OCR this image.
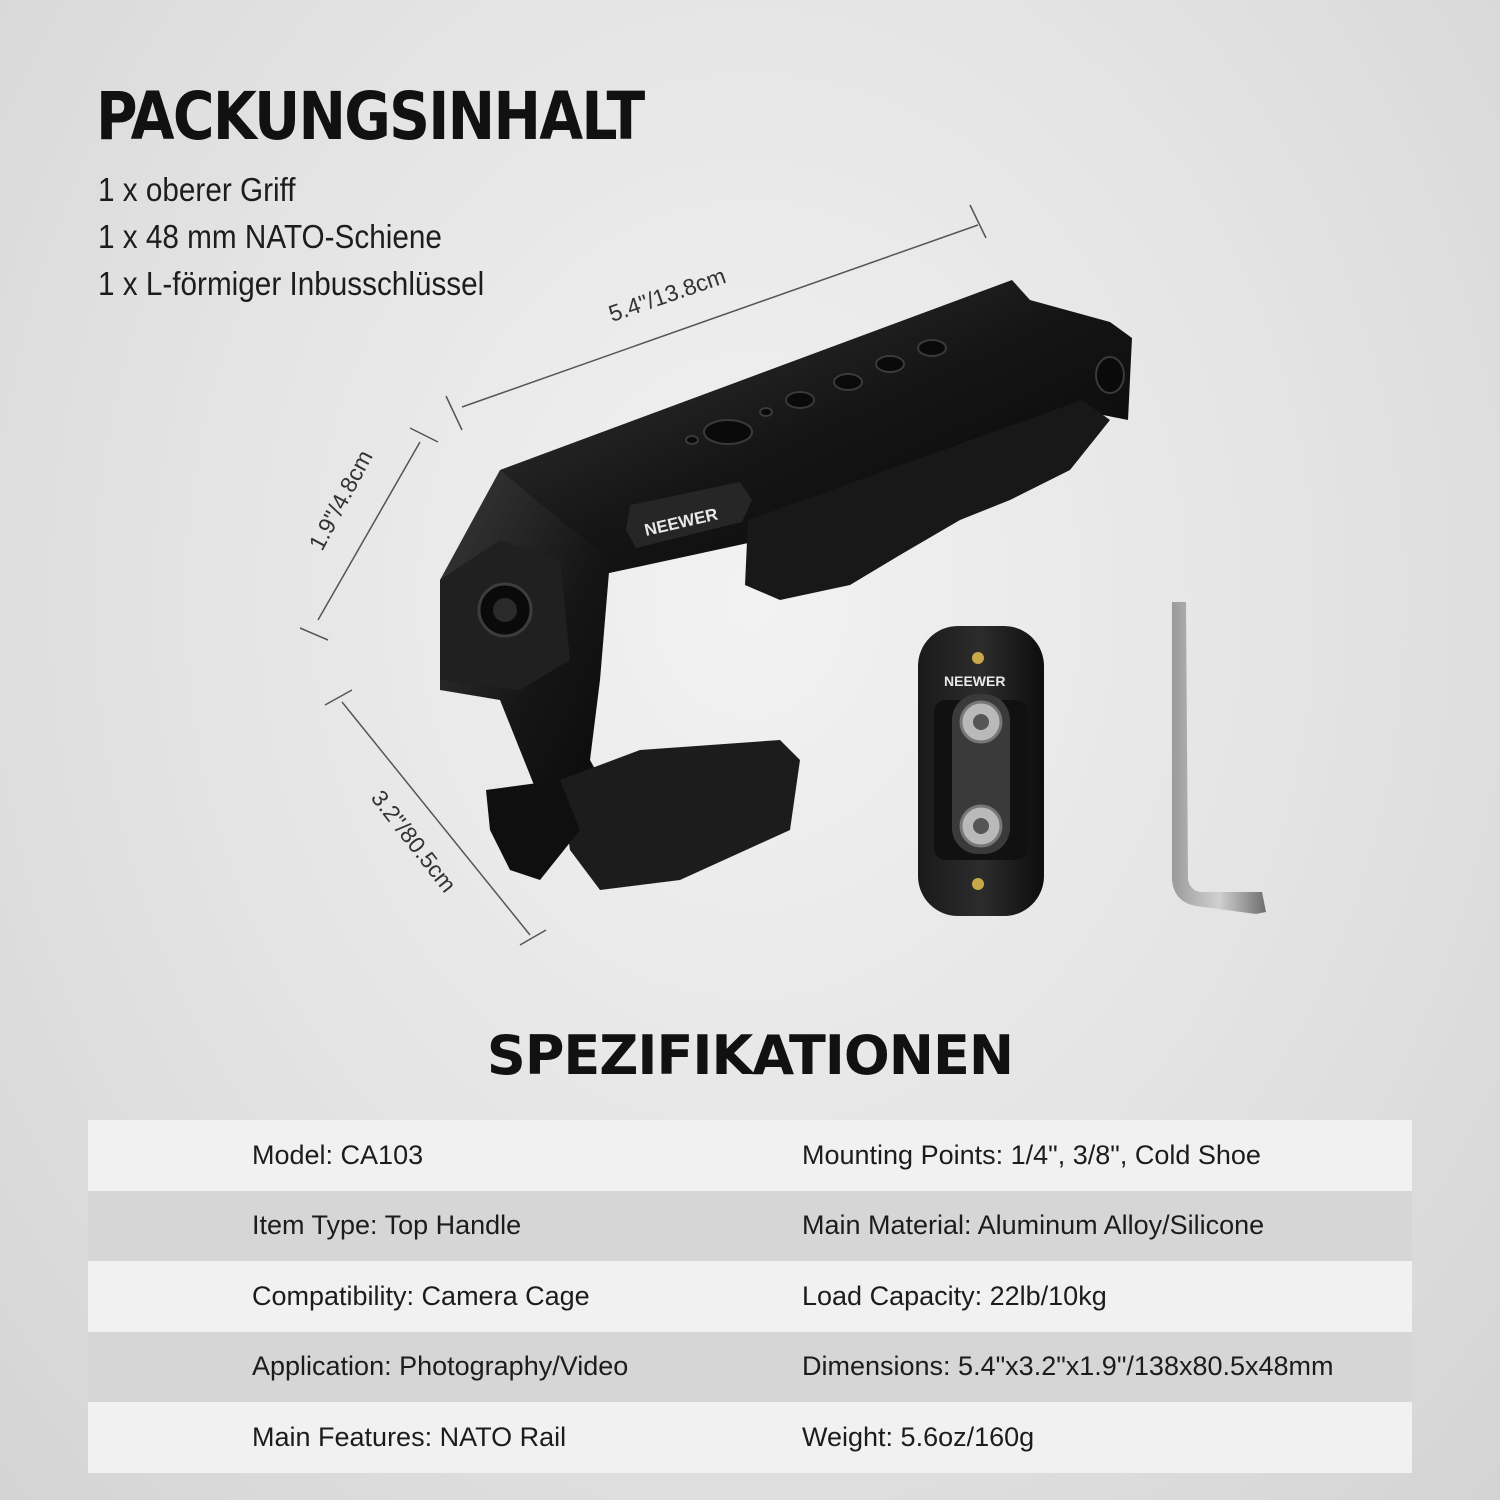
PACKUNGSINHALT
1 x oberer Griff
1 x 48 mm NATO-Schiene
1 x L-förmiger Inbusschlüssel	5.4"/13.8cm
1.9"/4.8cm
3.2"/80.5cm
NEEWER
NEEWER
SPEZIFIKATIONEN
Model: CA103	Mounting Points: 1/4", 3/8", Cold Shoe
Item Type: Top Handle	Main Material: Aluminum Alloy/Silicone
Compatibility: Camera Cage	Load Capacity: 22lb/10kg
Application: Photography/Video	Dimensions: 5.4"x3.2"x1.9"/138x80.5x48mm
Main Features: NATO Rail	Weight: 5.6oz/160g
